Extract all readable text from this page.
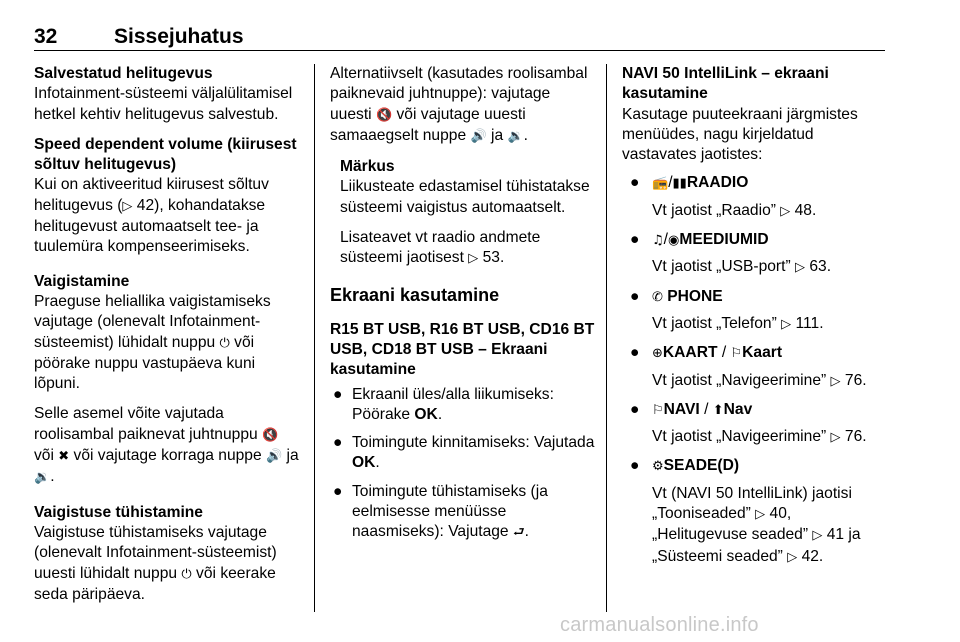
32	Sissejuhatus

Salvestatud helitugevus

Infotainment-süsteemi väljalülitamisel hetkel kehtiv helitugevus salvestub.

Speed dependent volume (kiirusest sõltuv helitugevus)

Kui on aktiveeritud kiirusest sõltuv helitugevus (▷ 42), kohandatakse helitugevust automaatselt tee- ja tuulemüra kompenseerimiseks.

Vaigistamine

Praeguse heliallika vaigistamiseks vajutage (olenevalt Infotainment-süsteemist) lühidalt nuppu ⏻ või pöörake nuppu vastupäeva kuni lõpuni.

Selle asemel võite vajutada roolisambal paiknevat juhtnuppu 🔇 või ✖ või vajutage korraga nuppe 🔊 ja 🔉.

Vaigistuse tühistamine

Vaigistuse tühistamiseks vajutage (olenevalt Infotainment-süsteemist) uuesti lühidalt nuppu ⏻ või keerake seda päripäeva.

Alternatiivselt (kasutades roolisambal paiknevaid juhtnuppe): vajutage uuesti 🔇 või vajutage uuesti samaaegselt nuppe 🔊 ja 🔉.

Märkus

Liikusteate edastamisel tühistatakse süsteemi vaigistus automaatselt.

Lisateavet vt raadio andmete süsteemi jaotisest ▷ 53.

Ekraani kasutamine

R15 BT USB, R16 BT USB, CD16 BT USB, CD18 BT USB – Ekraani kasutamine

● Ekraanil üles/alla liikumiseks: Pöörake OK.
● Toimingute kinnitamiseks: Vajutada OK.
● Toimingute tühistamiseks (ja eelmisesse menüüsse naasmiseks): Vajutage ⮐.

NAVI 50 IntelliLink – ekraani kasutamine

Kasutage puuteekraani järgmistes menüüdes, nagu kirjeldatud vastavates jaotistes:

● 📻/▮▮RAADIO
Vt jaotist „Raadio” ▷ 48.
● ♫/◉MEEDIUMID
Vt jaotist „USB-port” ▷ 63.
● ✆ PHONE
Vt jaotist „Telefon” ▷ 111.
● ⊕KAART / ⚐Kaart
Vt jaotist „Navigeerimine” ▷ 76.
● ⚐NAVI / ⬆Nav
Vt jaotist „Navigeerimine” ▷ 76.
● ⚙SEADE(D)
Vt (NAVI 50 IntelliLink) jaotisi
„Tooniseaded” ▷ 40,
„Helitugevuse seaded” ▷ 41 ja
„Süsteemi seaded” ▷ 42.
carmanualsonline.info
